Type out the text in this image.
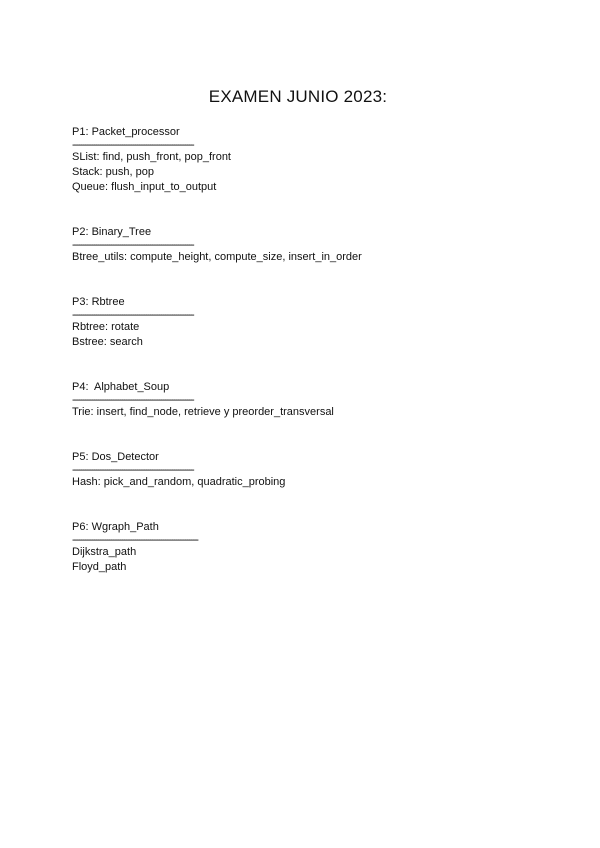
EXAMEN JUNIO 2023:
P1: Packet_processor
--------------------------------------------------------
SList: find, push_front, pop_front
Stack: push, pop
Queue: flush_input_to_output
P2: Binary_Tree
--------------------------------------------------------
Btree_utils: compute_height, compute_size, insert_in_order
P3: Rbtree
--------------------------------------------------------
Rbtree: rotate
Bstree: search
P4:  Alphabet_Soup
--------------------------------------------------------
Trie: insert, find_node, retrieve y preorder_transversal
P5: Dos_Detector
--------------------------------------------------------
Hash: pick_and_random, quadratic_probing
P6: Wgraph_Path
----------------------------------------------------------
Dijkstra_path
Floyd_path
